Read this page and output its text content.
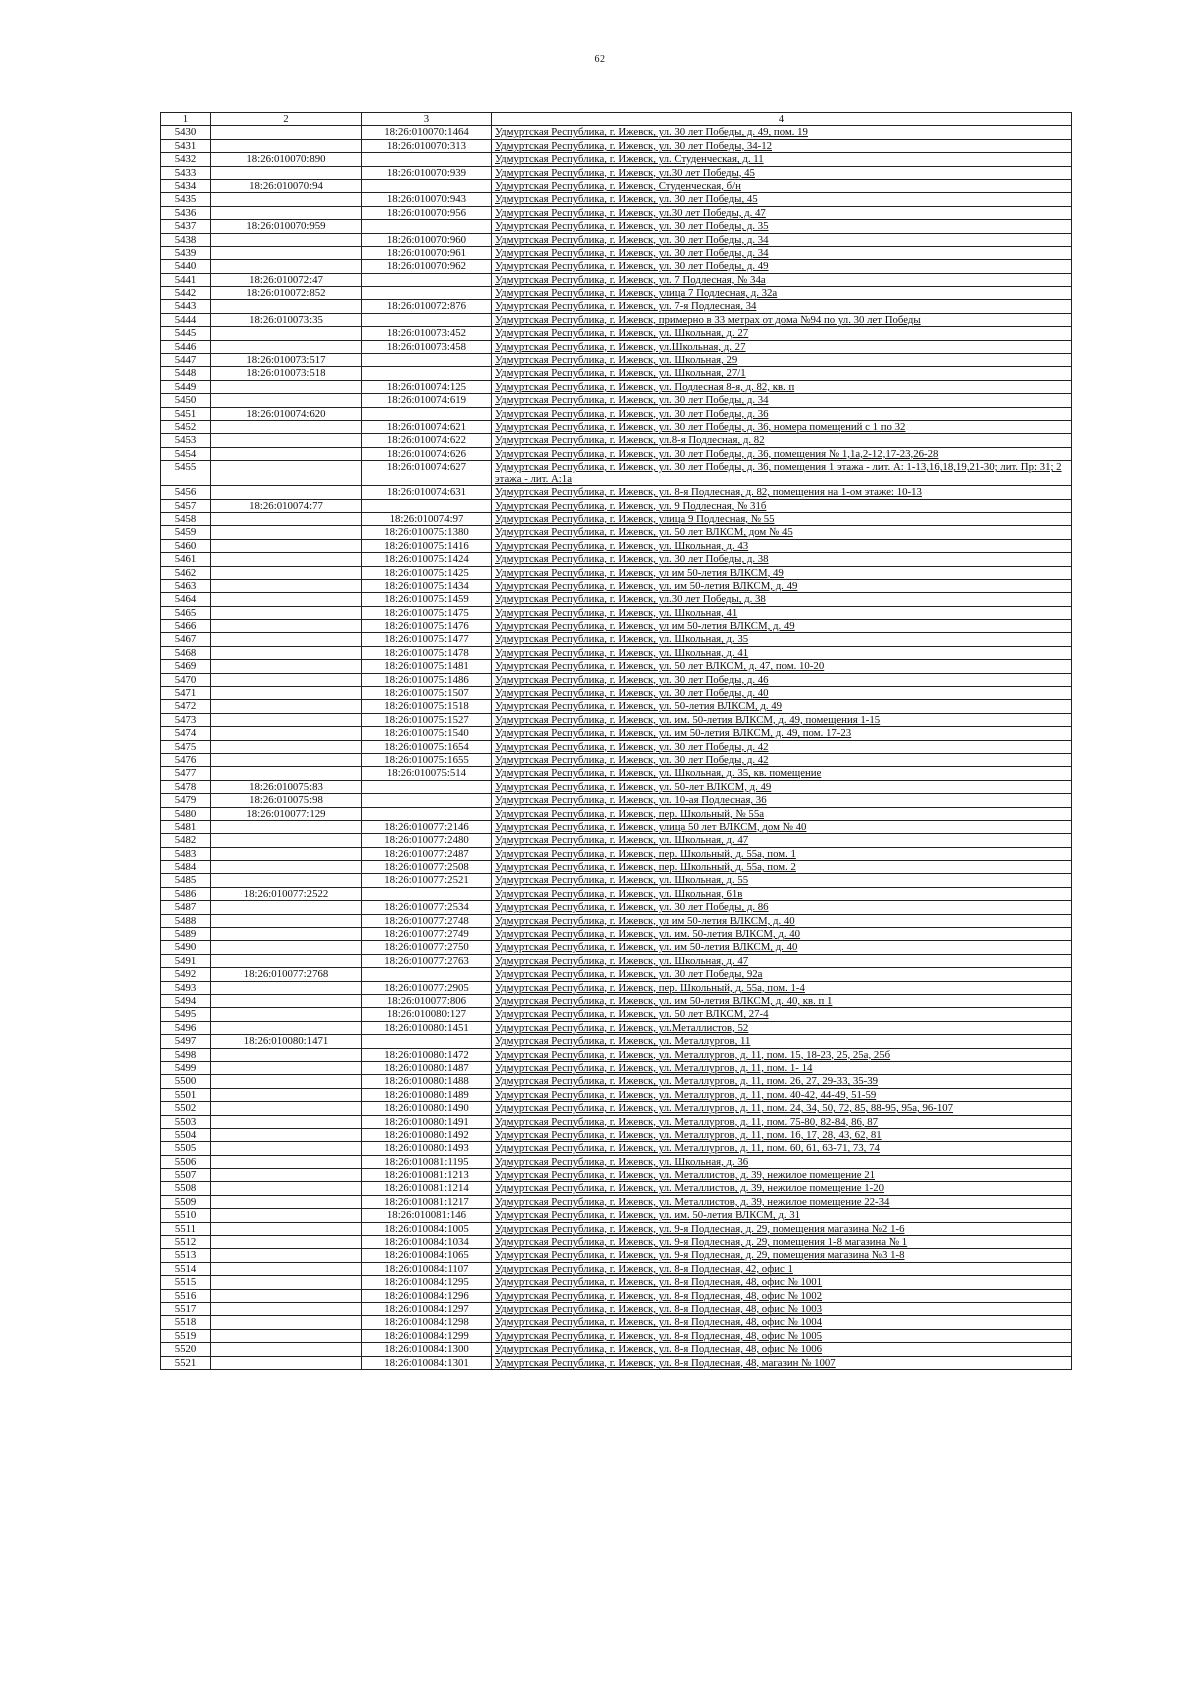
62
1	2	3	4
5430		18:26:010070:1464	Удмуртская Республика, г. Ижевск, ул. 30 лет Победы, д. 49, пом. 19
5431		18:26:010070:313	Удмуртская Республика, г. Ижевск, ул. 30 лет Победы, 34-12
5432	18:26:010070:890		Удмуртская Республика, г. Ижевск, ул. Студенческая, д. 11
5433		18:26:010070:939	Удмуртская Республика, г. Ижевск, ул.30 лет Победы, 45
5434	18:26:010070:94		Удмуртская Республика, г. Ижевск, Студенческая, б/н
5435		18:26:010070:943	Удмуртская Республика, г. Ижевск, ул. 30 лет Победы, 45
5436		18:26:010070:956	Удмуртская Республика, г. Ижевск, ул.30 лет Победы, д. 47
5437	18:26:010070:959		Удмуртская Республика, г. Ижевск, ул. 30 лет Победы, д. 35
5438		18:26:010070:960	Удмуртская Республика, г. Ижевск, ул. 30 лет Победы, д. 34
5439		18:26:010070:961	Удмуртская Республика, г. Ижевск, ул. 30 лет Победы, д. 34
5440		18:26:010070:962	Удмуртская Республика, г. Ижевск, ул. 30 лет Победы, д. 49
5441	18:26:010072:47		Удмуртская Республика, г. Ижевск, ул. 7 Подлесная, № 34а
5442	18:26:010072:852		Удмуртская Республика, г. Ижевск, улица 7 Подлесная, д. 32а
5443		18:26:010072:876	Удмуртская Республика, г. Ижевск, ул. 7-я Подлесная, 34
5444	18:26:010073:35		Удмуртская Республика, г. Ижевск, примерно в 33 метрах от дома №94 по ул. 30 лет Победы
5445		18:26:010073:452	Удмуртская Республика, г. Ижевск, ул. Школьная, д. 27
5446		18:26:010073:458	Удмуртская Республика, г. Ижевск, ул.Школьная, д. 27
5447	18:26:010073:517		Удмуртская Республика, г. Ижевск, ул. Школьная, 29
5448	18:26:010073:518		Удмуртская Республика, г. Ижевск, ул. Школьная, 27/1
5449		18:26:010074:125	Удмуртская Республика, г. Ижевск, ул. Подлесная 8-я, д. 82, кв. п
5450		18:26:010074:619	Удмуртская Республика, г. Ижевск, ул. 30 лет Победы, д. 34
5451	18:26:010074:620		Удмуртская Республика, г. Ижевск, ул. 30 лет Победы, д. 36
5452		18:26:010074:621	Удмуртская Республика, г. Ижевск, ул. 30 лет Победы, д. 36, номера помещений с 1 по 32
5453		18:26:010074:622	Удмуртская Республика, г. Ижевск, ул.8-я Подлесная, д. 82
5454		18:26:010074:626	Удмуртская Республика, г. Ижевск, ул. 30 лет Победы, д. 36, помещения № 1,1а,2-12,17-23,26-28
5455		18:26:010074:627	Удмуртская Республика, г. Ижевск, ул. 30 лет Победы, д. 36, помещения 1 этажа - лит. А: 1-13,16,18,19,21-30; лит. Пр: 31; 2 этажа - лит. А:1а
5456		18:26:010074:631	Удмуртская Республика, г. Ижевск, ул. 8-я Подлесная, д. 82, помещения на 1-ом этаже: 10-13
5457	18:26:010074:77		Удмуртская Республика, г. Ижевск, ул. 9 Подлесная, № 31б
5458		18:26:010074:97	Удмуртская Республика, г. Ижевск, улица 9 Подлесная, № 55
5459		18:26:010075:1380	Удмуртская Республика, г. Ижевск, ул. 50 лет ВЛКСМ, дом № 45
5460		18:26:010075:1416	Удмуртская Республика, г. Ижевск, ул. Школьная, д. 43
5461		18:26:010075:1424	Удмуртская Республика, г. Ижевск, ул. 30 лет Победы, д. 38
5462		18:26:010075:1425	Удмуртская Республика, г. Ижевск, ул им 50-летия ВЛКСМ, 49
5463		18:26:010075:1434	Удмуртская Республика, г. Ижевск, ул. им 50-летия ВЛКСМ, д. 49
5464		18:26:010075:1459	Удмуртская Республика, г. Ижевск, ул.30 лет Победы, д. 38
5465		18:26:010075:1475	Удмуртская Республика, г. Ижевск, ул. Школьная, 41
5466		18:26:010075:1476	Удмуртская Республика, г. Ижевск, ул им 50-летия ВЛКСМ, д. 49
5467		18:26:010075:1477	Удмуртская Республика, г. Ижевск, ул. Школьная, д. 35
5468		18:26:010075:1478	Удмуртская Республика, г. Ижевск, ул. Школьная, д. 41
5469		18:26:010075:1481	Удмуртская Республика, г. Ижевск, ул. 50 лет ВЛКСМ, д. 47, пом. 10-20
5470		18:26:010075:1486	Удмуртская Республика, г. Ижевск, ул. 30 лет Победы, д. 46
5471		18:26:010075:1507	Удмуртская Республика, г. Ижевск, ул. 30 лет Победы, д. 40
5472		18:26:010075:1518	Удмуртская Республика, г. Ижевск, ул. 50-летия ВЛКСМ, д. 49
5473		18:26:010075:1527	Удмуртская Республика, г. Ижевск, ул. им. 50-летия ВЛКСМ, д. 49, помещения 1-15
5474		18:26:010075:1540	Удмуртская Республика, г. Ижевск, ул. им 50-летия ВЛКСМ, д. 49, пом. 17-23
5475		18:26:010075:1654	Удмуртская Республика, г. Ижевск, ул. 30 лет Победы, д. 42
5476		18:26:010075:1655	Удмуртская Республика, г. Ижевск, ул. 30 лет Победы, д. 42
5477		18:26:010075:514	Удмуртская Республика, г. Ижевск, ул. Школьная, д. 35, кв. помещение
5478	18:26:010075:83		Удмуртская Республика, г. Ижевск, ул. 50-лет ВЛКСМ, д. 49
5479	18:26:010075:98		Удмуртская Республика, г. Ижевск, ул. 10-ая Подлесная, 36
5480	18:26:010077:129		Удмуртская Республика, г. Ижевск, пер. Школьный, № 55а
5481		18:26:010077:2146	Удмуртская Республика, г. Ижевск, улица 50 лет ВЛКСМ, дом № 40
5482		18:26:010077:2480	Удмуртская Республика, г. Ижевск, ул. Школьная, д. 47
5483		18:26:010077:2487	Удмуртская Республика, г. Ижевск, пер. Школьный, д. 55а, пом. 1
5484		18:26:010077:2508	Удмуртская Республика, г. Ижевск, пер. Школьный, д. 55а, пом. 2
5485		18:26:010077:2521	Удмуртская Республика, г. Ижевск, ул. Школьная, д. 55
5486	18:26:010077:2522		Удмуртская Республика, г. Ижевск, ул. Школьная, 61в
5487		18:26:010077:2534	Удмуртская Республика, г. Ижевск, ул. 30 лет Победы, д. 86
5488		18:26:010077:2748	Удмуртская Республика, г. Ижевск, ул им 50-летия ВЛКСМ, д. 40
5489		18:26:010077:2749	Удмуртская Республика, г. Ижевск, ул. им. 50-летия ВЛКСМ, д. 40
5490		18:26:010077:2750	Удмуртская Республика, г. Ижевск, ул. им 50-летия ВЛКСМ, д. 40
5491		18:26:010077:2763	Удмуртская Республика, г. Ижевск, ул. Школьная, д. 47
5492	18:26:010077:2768		Удмуртская Республика, г. Ижевск, ул. 30 лет Победы, 92а
5493		18:26:010077:2905	Удмуртская Республика, г. Ижевск, пер. Школьный, д. 55а, пом. 1-4
5494		18:26:010077:806	Удмуртская Республика, г. Ижевск, ул. им 50-летия ВЛКСМ, д. 40, кв. п 1
5495		18:26:010080:127	Удмуртская Республика, г. Ижевск, ул. 50 лет ВЛКСМ, 27-4
5496		18:26:010080:1451	Удмуртская Республика, г. Ижевск, ул.Металлистов, 52
5497	18:26:010080:1471		Удмуртская Республика, г. Ижевск, ул. Металлургов, 11
5498		18:26:010080:1472	Удмуртская Республика, г. Ижевск, ул. Металлургов, д. 11, пом. 15, 18-23, 25, 25а, 25б
5499		18:26:010080:1487	Удмуртская Республика, г. Ижевск, ул. Металлургов, д. 11, пом. 1- 14
5500		18:26:010080:1488	Удмуртская Республика, г. Ижевск, ул. Металлургов, д. 11, пом. 26, 27, 29-33, 35-39
5501		18:26:010080:1489	Удмуртская Республика, г. Ижевск, ул. Металлургов, д. 11, пом. 40-42, 44-49, 51-59
5502		18:26:010080:1490	Удмуртская Республика, г. Ижевск, ул. Металлургов, д. 11, пом. 24, 34, 50, 72, 85, 88-95, 95а, 96-107
5503		18:26:010080:1491	Удмуртская Республика, г. Ижевск, ул. Металлургов, д. 11, пом. 75-80, 82-84, 86, 87
5504		18:26:010080:1492	Удмуртская Республика, г. Ижевск, ул. Металлургов, д. 11, пом. 16, 17, 28, 43, 62, 81
5505		18:26:010080:1493	Удмуртская Республика, г. Ижевск, ул. Металлургов, д. 11, пом. 60, 61, 63-71, 73, 74
5506		18:26:010081:1195	Удмуртская Республика, г. Ижевск, ул. Школьная, д. 36
5507		18:26:010081:1213	Удмуртская Республика, г. Ижевск, ул. Металлистов, д. 39, нежилое помещение 21
5508		18:26:010081:1214	Удмуртская Республика, г. Ижевск, ул. Металлистов, д. 39, нежилое помещение 1-20
5509		18:26:010081:1217	Удмуртская Республика, г. Ижевск, ул. Металлистов, д. 39, нежилое помещение 22-34
5510		18:26:010081:146	Удмуртская Республика, г. Ижевск, ул. им. 50-летия ВЛКСМ, д. 31
5511		18:26:010084:1005	Удмуртская Республика, г. Ижевск, ул. 9-я Подлесная, д. 29, помещения магазина №2 1-6
5512		18:26:010084:1034	Удмуртская Республика, г. Ижевск, ул. 9-я Подлесная, д. 29, помещения 1-8 магазина № 1
5513		18:26:010084:1065	Удмуртская Республика, г. Ижевск, ул. 9-я Подлесная, д. 29, помещения магазина №3 1-8
5514		18:26:010084:1107	Удмуртская Республика, г. Ижевск, ул. 8-я Подлесная, 42, офис 1
5515		18:26:010084:1295	Удмуртская Республика, г. Ижевск, ул. 8-я Подлесная, 48, офис № 1001
5516		18:26:010084:1296	Удмуртская Республика, г. Ижевск, ул. 8-я Подлесная, 48, офис № 1002
5517		18:26:010084:1297	Удмуртская Республика, г. Ижевск, ул. 8-я Подлесная, 48, офис № 1003
5518		18:26:010084:1298	Удмуртская Республика, г. Ижевск, ул. 8-я Подлесная, 48, офис № 1004
5519		18:26:010084:1299	Удмуртская Республика, г. Ижевск, ул. 8-я Подлесная, 48, офис № 1005
5520		18:26:010084:1300	Удмуртская Республика, г. Ижевск, ул. 8-я Подлесная, 48, офис № 1006
5521		18:26:010084:1301	Удмуртская Республика, г. Ижевск, ул. 8-я Подлесная, 48, магазин № 1007
